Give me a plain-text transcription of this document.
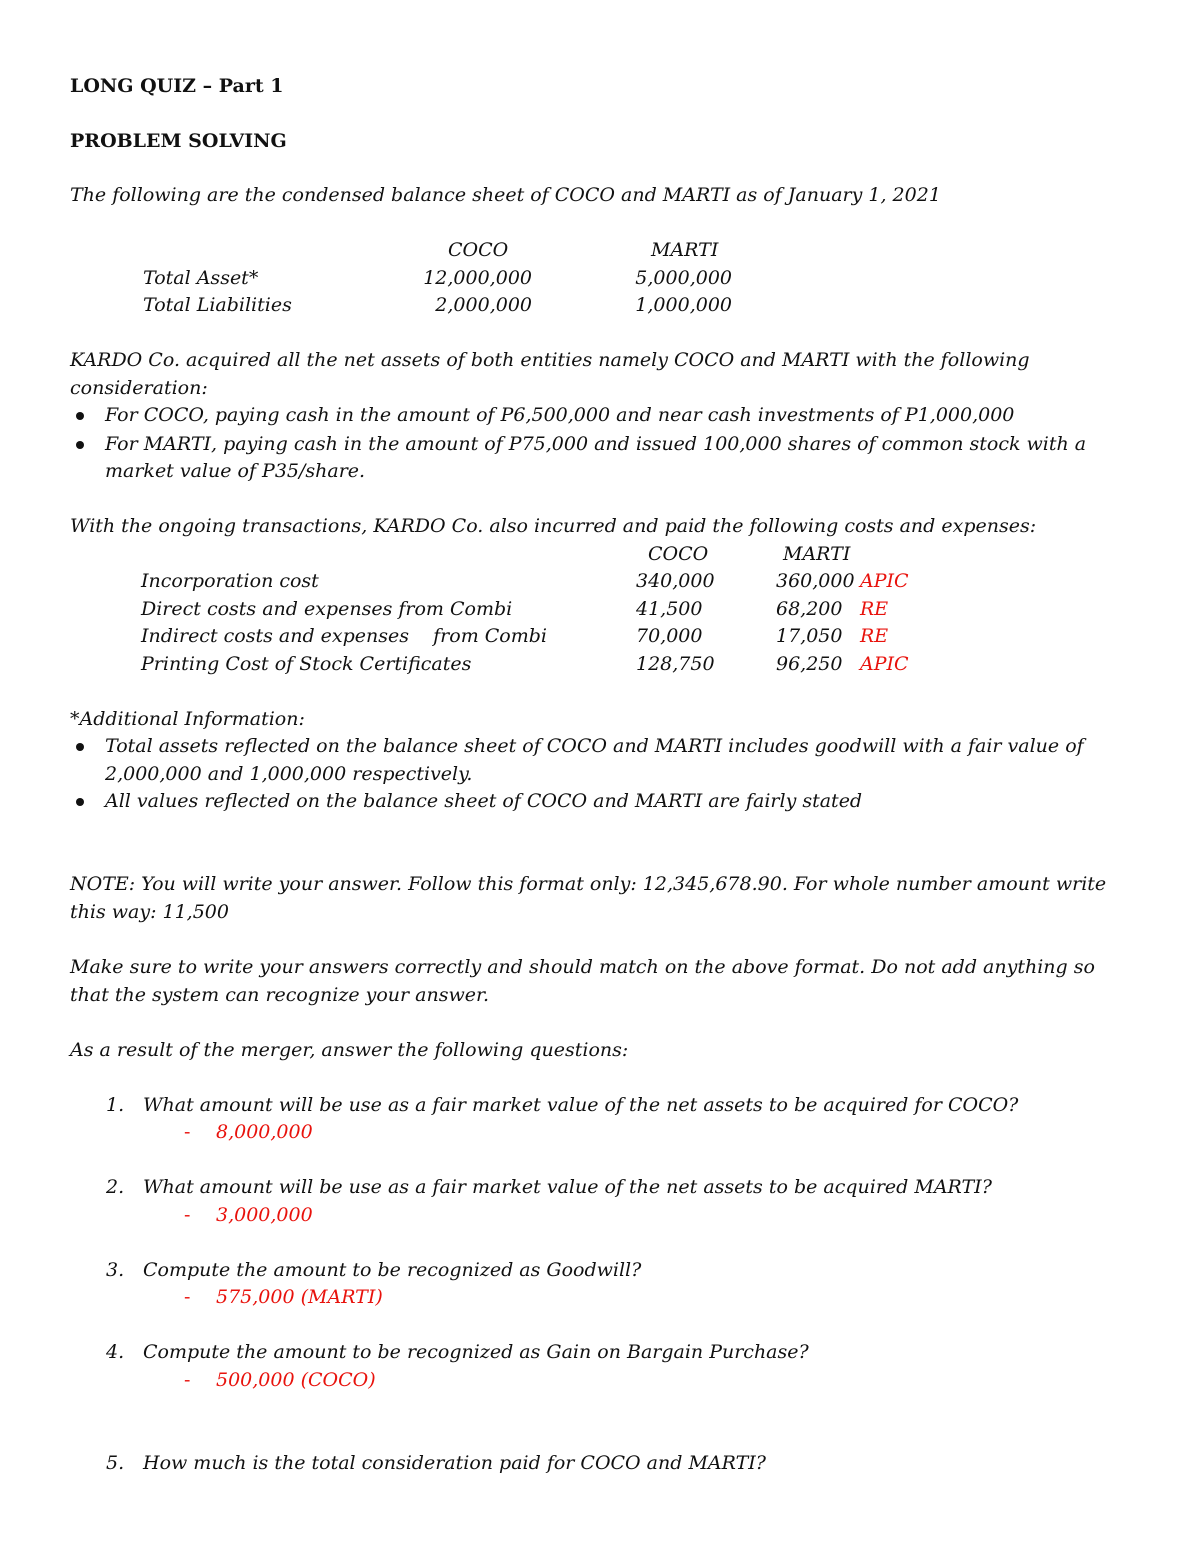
LONG QUIZ – Part 1
PROBLEM SOLVING
The following are the condensed balance sheet of COCO and MARTI as of January 1, 2021
COCO	MARTI
Total Asset*	12,000,000	5,000,000
Total Liabilities	2,000,000	1,000,000
KARDO Co. acquired all the net assets of both entities namely COCO and MARTI with the following
consideration:
For COCO, paying cash in the amount of P6,500,000 and near cash investments of P1,000,000
For MARTI, paying cash in the amount of P75,000 and issued 100,000 shares of common stock with a
market value of P35/share.
With the ongoing transactions, KARDO Co. also incurred and paid the following costs and expenses:
COCO	MARTI
Incorporation cost	340,000	360,000 APIC
Direct costs and expenses from Combi	41,500	68,200 RE
Indirect costs and expenses    from Combi	70,000	17,050 RE
Printing Cost of Stock Certificates	128,750	96,250 APIC
*Additional Information:
Total assets reflected on the balance sheet of COCO and MARTI includes goodwill with a fair value of
2,000,000 and 1,000,000 respectively.
All values reflected on the balance sheet of COCO and MARTI are fairly stated
NOTE: You will write your answer. Follow this format only: 12,345,678.90. For whole number amount write
this way: 11,500
Make sure to write your answers correctly and should match on the above format. Do not add anything so
that the system can recognize your answer.
As a result of the merger, answer the following questions:
1. What amount will be use as a fair market value of the net assets to be acquired for COCO?
- 8,000,000
2. What amount will be use as a fair market value of the net assets to be acquired MARTI?
- 3,000,000
3. Compute the amount to be recognized as Goodwill?
- 575,000 (MARTI)
4. Compute the amount to be recognized as Gain on Bargain Purchase?
- 500,000 (COCO)
5. How much is the total consideration paid for COCO and MARTI?
